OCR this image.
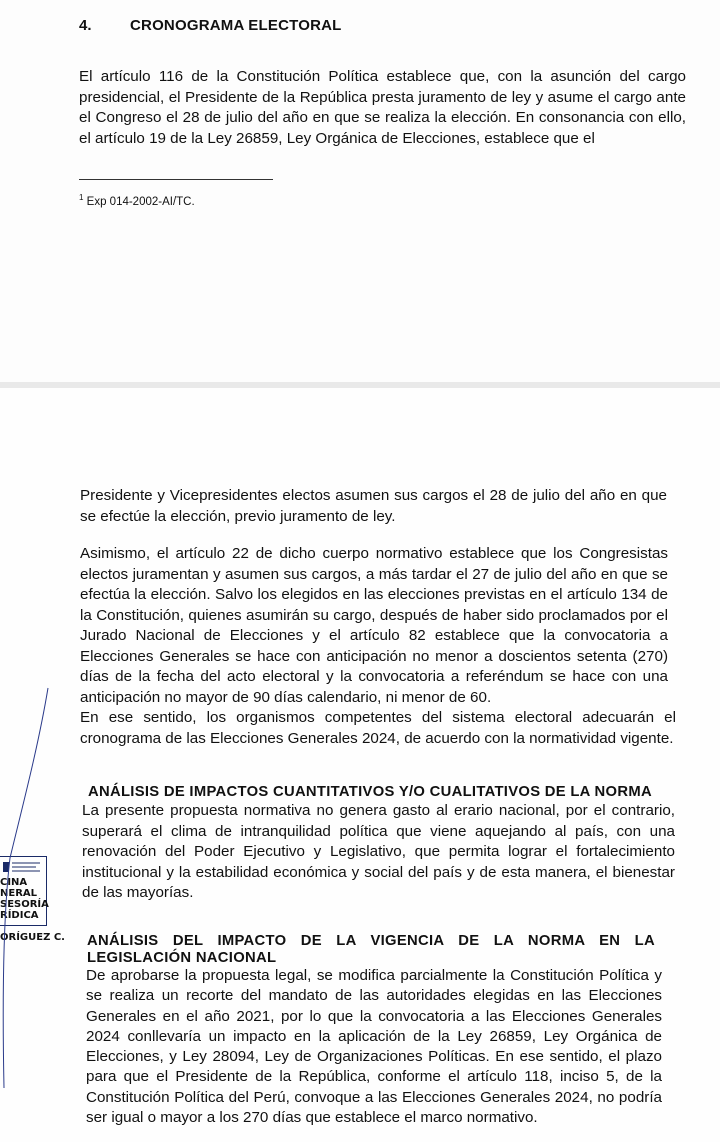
4.	CRONOGRAMA ELECTORAL

El artículo 116 de la Constitución Política establece que, con la asunción del cargo presidencial, el Presidente de la República presta juramento de ley y asume el cargo ante el Congreso el 28 de julio del año en que se realiza la elección. En consonancia con ello, el artículo 19 de la Ley 26859, Ley Orgánica de Elecciones, establece que el

$^1$ Exp 014-2002-AI/TC.

Presidente y Vicepresidentes electos asumen sus cargos el 28 de julio del año en que se efectúe la elección, previo juramento de ley.

Asimismo, el artículo 22 de dicho cuerpo normativo establece que los Congresistas electos juramentan y asumen sus cargos, a más tardar el 27 de julio del año en que se efectúa la elección. Salvo los elegidos en las elecciones previstas en el artículo 134 de la Constitución, quienes asumirán su cargo, después de haber sido proclamados por el Jurado Nacional de Elecciones y el artículo 82 establece que la convocatoria a Elecciones Generales se hace con anticipación no menor a doscientos setenta (270) días de la fecha del acto electoral y la convocatoria a referéndum se hace con una anticipación no mayor de 90 días calendario, ni menor de 60.

En ese sentido, los organismos competentes del sistema electoral adecuarán el cronograma de las Elecciones Generales 2024, de acuerdo con la normatividad vigente.

ANÁLISIS DE IMPACTOS CUANTITATIVOS Y/O CUALITATIVOS DE LA NORMA

La presente propuesta normativa no genera gasto al erario nacional, por el contrario, superará el clima de intranquilidad política que viene aquejando al país, con una renovación del Poder Ejecutivo y Legislativo, que permita lograr el fortalecimiento institucional y la estabilidad económica y social del país y de esta manera, el bienestar de las mayorías.

ANÁLISIS DEL IMPACTO DE LA VIGENCIA DE LA NORMA EN LA LEGISLACIÓN NACIONAL

De aprobarse la propuesta legal, se modifica parcialmente la Constitución Política y se realiza un recorte del mandato de las autoridades elegidas en las Elecciones Generales en el año 2021, por lo que la convocatoria a las Elecciones Generales 2024 conllevaría un impacto en la aplicación de la Ley 26859, Ley Orgánica de Elecciones, y Ley 28094, Ley de Organizaciones Políticas. En ese sentido, el plazo para que el Presidente de la República, conforme el artículo 118, inciso 5, de la Constitución Política del Perú, convoque a las Elecciones Generales 2024, no podría ser igual o mayor a los 270 días que establece el marco normativo.

CINA
NERAL
SESORÍA
RÍDICA
ORÍGUEZ C.
